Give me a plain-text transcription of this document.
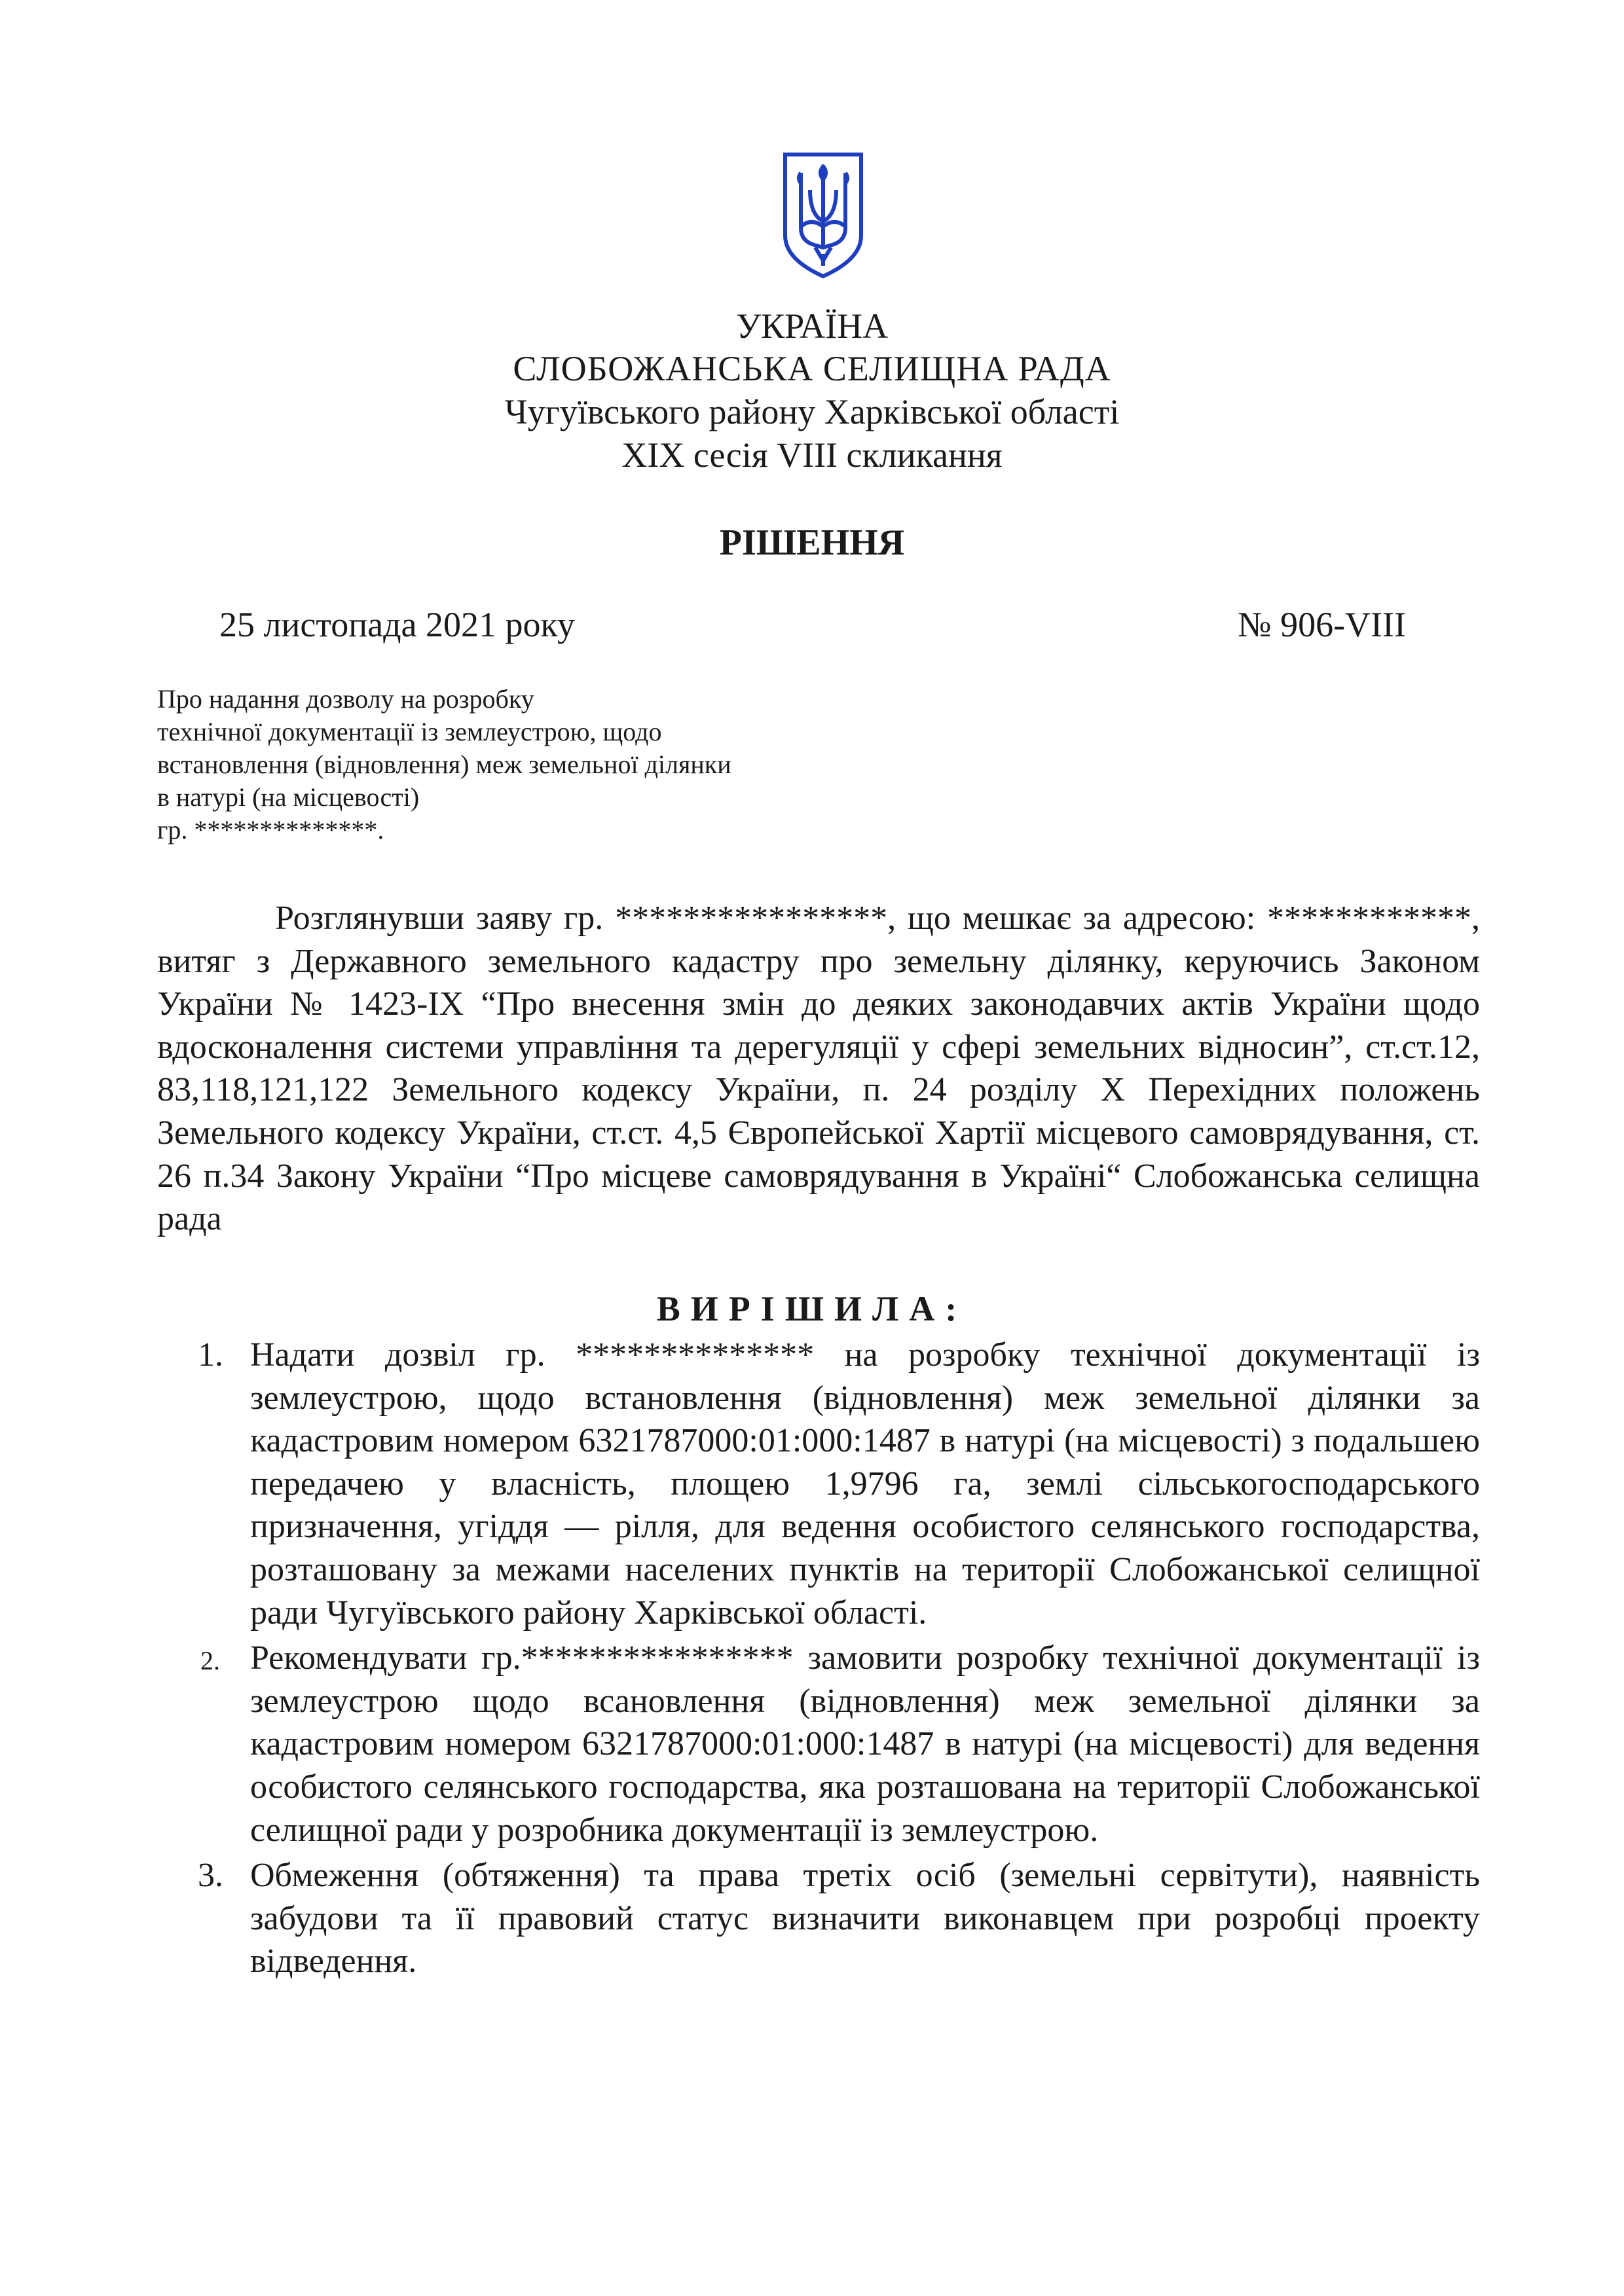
УКРАЇНА
СЛОБОЖАНСЬКА СЕЛИЩНА РАДА
Чугуївського району Харківської області
XIX сесія VIII скликання
РІШЕННЯ
25 листопада 2021 року	№ 906-VIII
Про надання дозволу на розробку
технічної документації із землеустрою, щодо
встановлення (відновлення) меж земельної ділянки
в натурі (на місцевості)
гр. **************.
Розглянувши заяву гр. ****************, що мешкає за адресою: ************, витяг з Державного земельного кадастру про земельну ділянку, керуючись Законом України № 1423-IX “Про внесення змін до деяких законодавчих актів України щодо вдосконалення системи управління та дерегуляції у сфері земельних відносин”, ст.ст.12, 83,118,121,122 Земельного кодексу України, п. 24 розділу Х Перехідних положень Земельного кодексу України, ст.ст. 4,5 Європейської Хартії місцевого самоврядування, ст. 26 п.34 Закону України “Про місцеве самоврядування в Україні“ Слобожанська селищна рада
ВИРІШИЛА:
1. Надати дозвіл гр. ************** на розробку технічної документації із землеустрою, щодо встановлення (відновлення) меж земельної ділянки за кадастровим номером 6321787000:01:000:1487 в натурі (на місцевості) з подальшею передачею у власність, площею 1,9796 га, землі сільськогосподарського призначення, угіддя — рілля, для ведення особистого селянського господарства, розташовану за межами населених пунктів на території Слобожанської селищної ради Чугуївського району Харківської області.
2. Рекомендувати гр.**************** замовити розробку технічної документації із землеустрою щодо всановлення (відновлення) меж земельної ділянки за кадастровим номером 6321787000:01:000:1487 в натурі (на місцевості) для ведення особистого селянського господарства, яка розташована на території Слобожанської селищної ради у розробника документації із землеустрою.
3. Обмеження (обтяження) та права третіх осіб (земельні сервітути), наявність забудови та її правовий статус визначити виконавцем при розробці проекту відведення.
